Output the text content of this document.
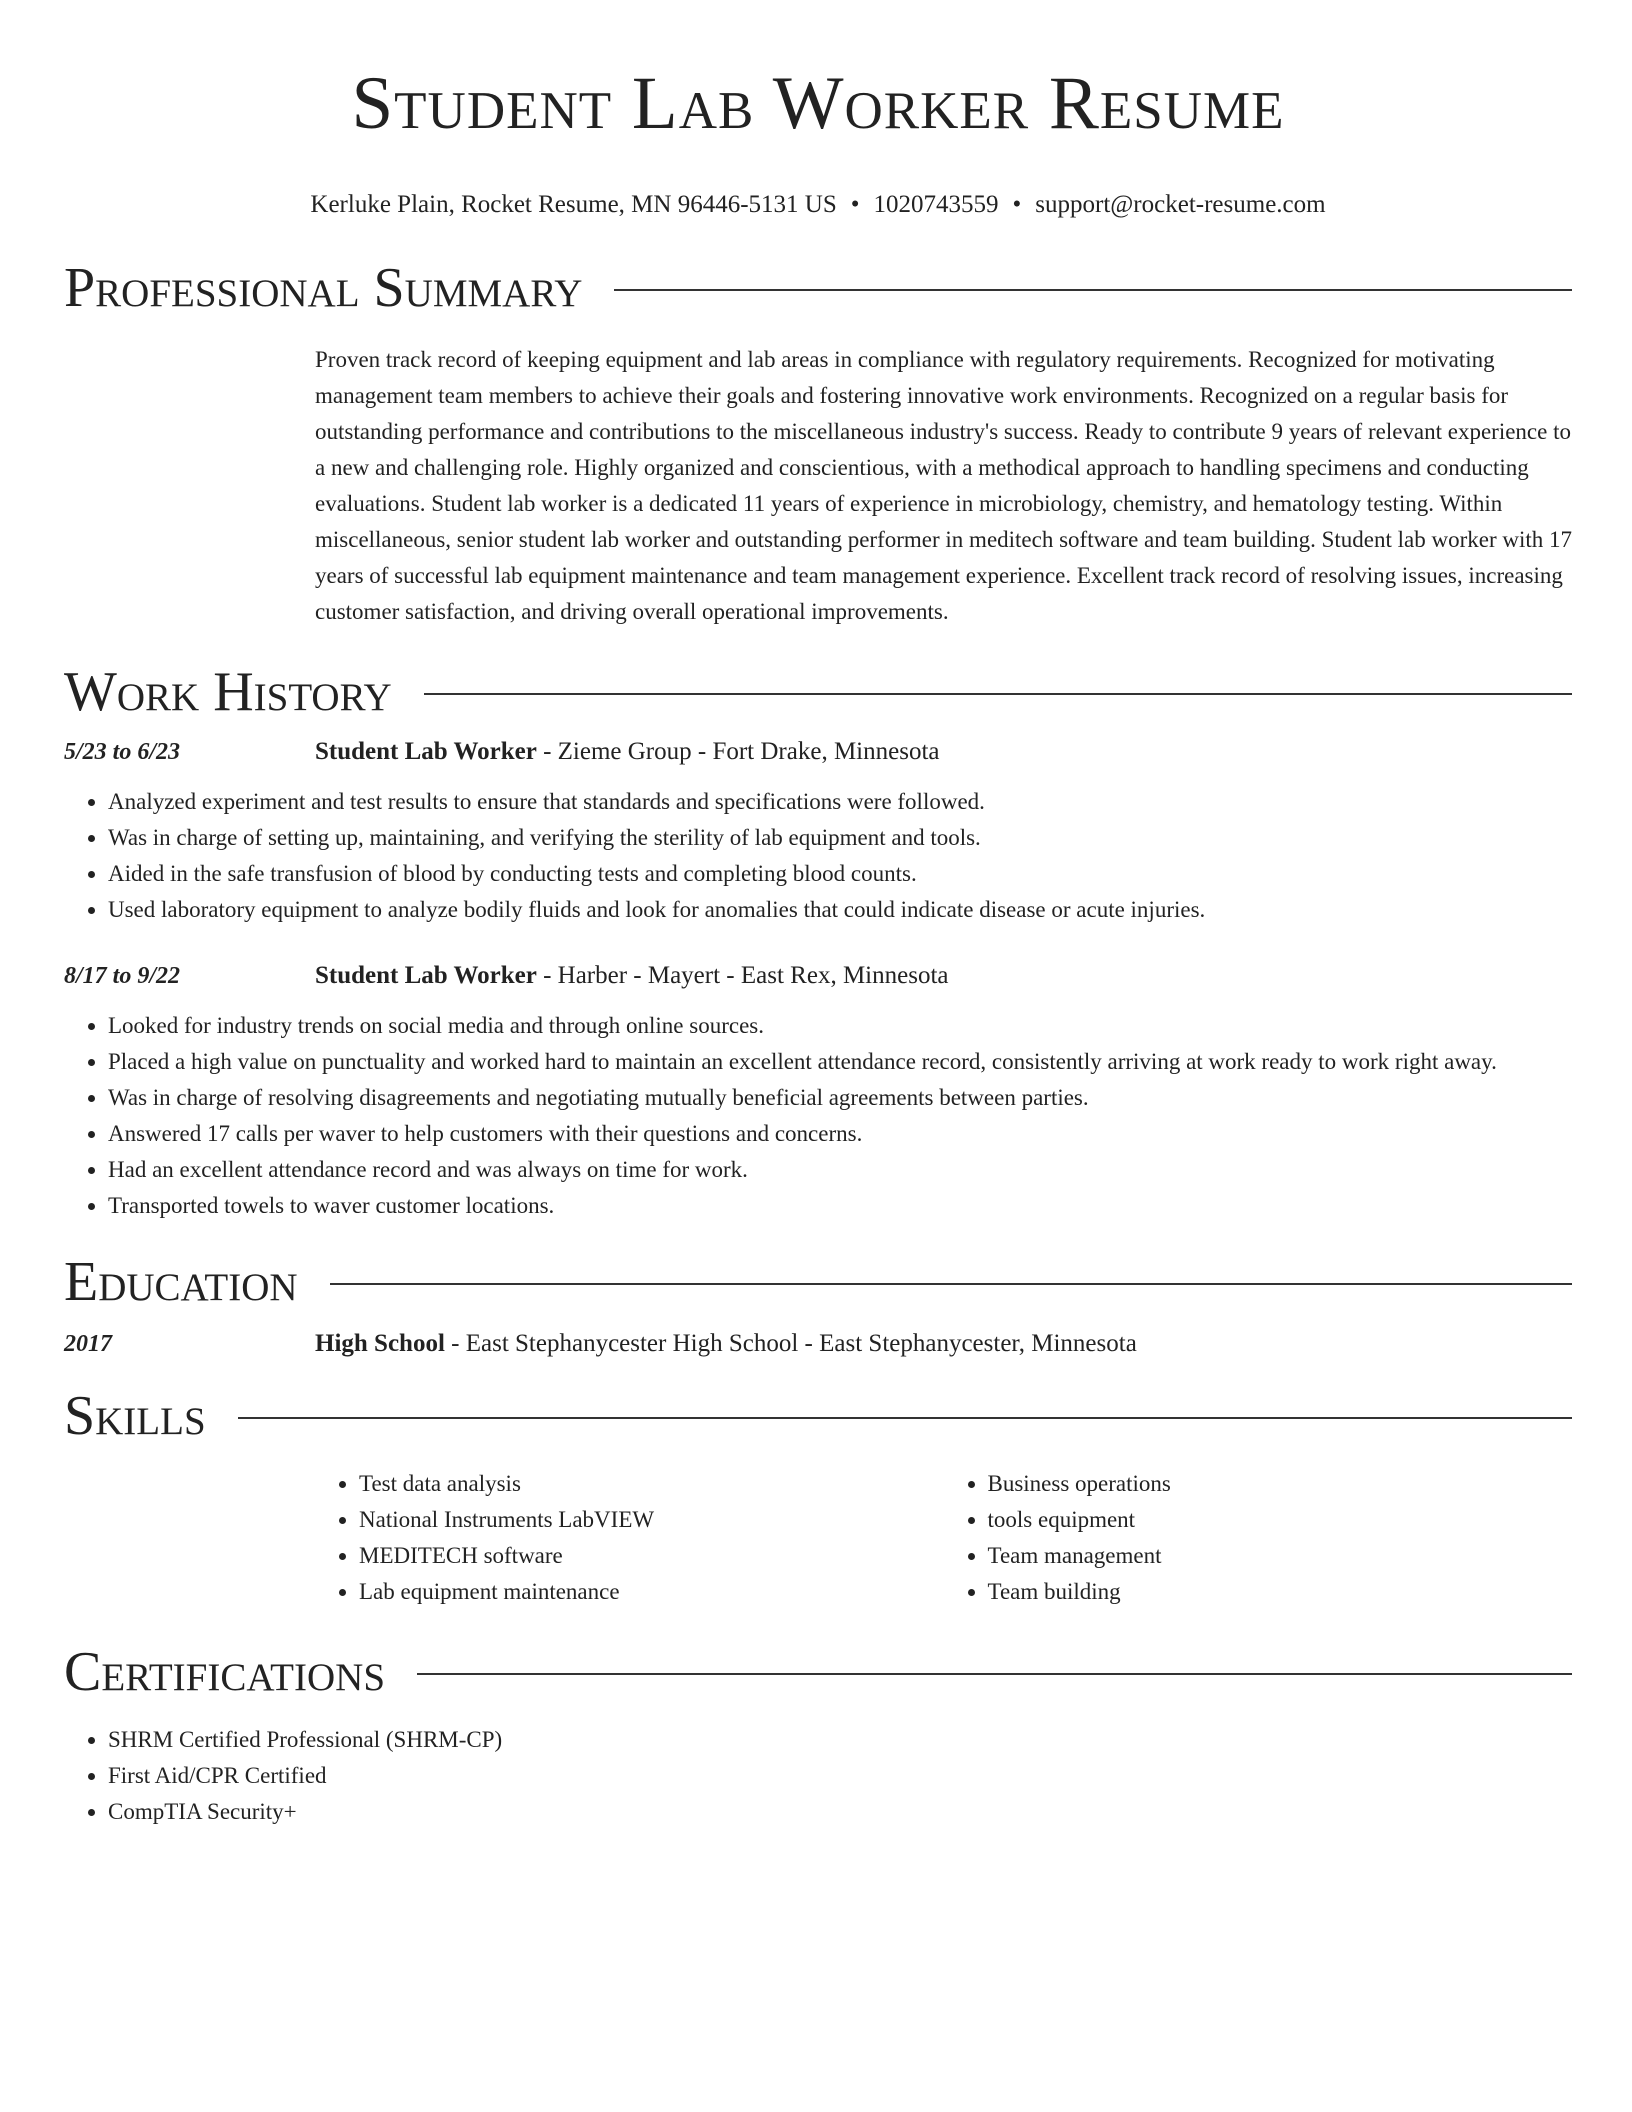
Student Lab Worker Resume
Kerluke Plain, Rocket Resume, MN 96446-5131 US • 1020743559 • support@rocket-resume.com
Professional Summary
Proven track record of keeping equipment and lab areas in compliance with regulatory requirements. Recognized for motivating management team members to achieve their goals and fostering innovative work environments. Recognized on a regular basis for outstanding performance and contributions to the miscellaneous industry's success. Ready to contribute 9 years of relevant experience to a new and challenging role. Highly organized and conscientious, with a methodical approach to handling specimens and conducting evaluations. Student lab worker is a dedicated 11 years of experience in microbiology, chemistry, and hematology testing. Within miscellaneous, senior student lab worker and outstanding performer in meditech software and team building. Student lab worker with 17 years of successful lab equipment maintenance and team management experience. Excellent track record of resolving issues, increasing customer satisfaction, and driving overall operational improvements.
Work History
5/23 to 6/23	Student Lab Worker - Zieme Group - Fort Drake, Minnesota
• Analyzed experiment and test results to ensure that standards and specifications were followed.
• Was in charge of setting up, maintaining, and verifying the sterility of lab equipment and tools.
• Aided in the safe transfusion of blood by conducting tests and completing blood counts.
• Used laboratory equipment to analyze bodily fluids and look for anomalies that could indicate disease or acute injuries.
8/17 to 9/22	Student Lab Worker - Harber - Mayert - East Rex, Minnesota
• Looked for industry trends on social media and through online sources.
• Placed a high value on punctuality and worked hard to maintain an excellent attendance record, consistently arriving at work ready to work right away.
• Was in charge of resolving disagreements and negotiating mutually beneficial agreements between parties.
• Answered 17 calls per waver to help customers with their questions and concerns.
• Had an excellent attendance record and was always on time for work.
• Transported towels to waver customer locations.
Education
2017	High School - East Stephanycester High School - East Stephanycester, Minnesota
Skills
• Test data analysis
• National Instruments LabVIEW
• MEDITECH software
• Lab equipment maintenance
• Business operations
• tools equipment
• Team management
• Team building
Certifications
• SHRM Certified Professional (SHRM-CP)
• First Aid/CPR Certified
• CompTIA Security+
